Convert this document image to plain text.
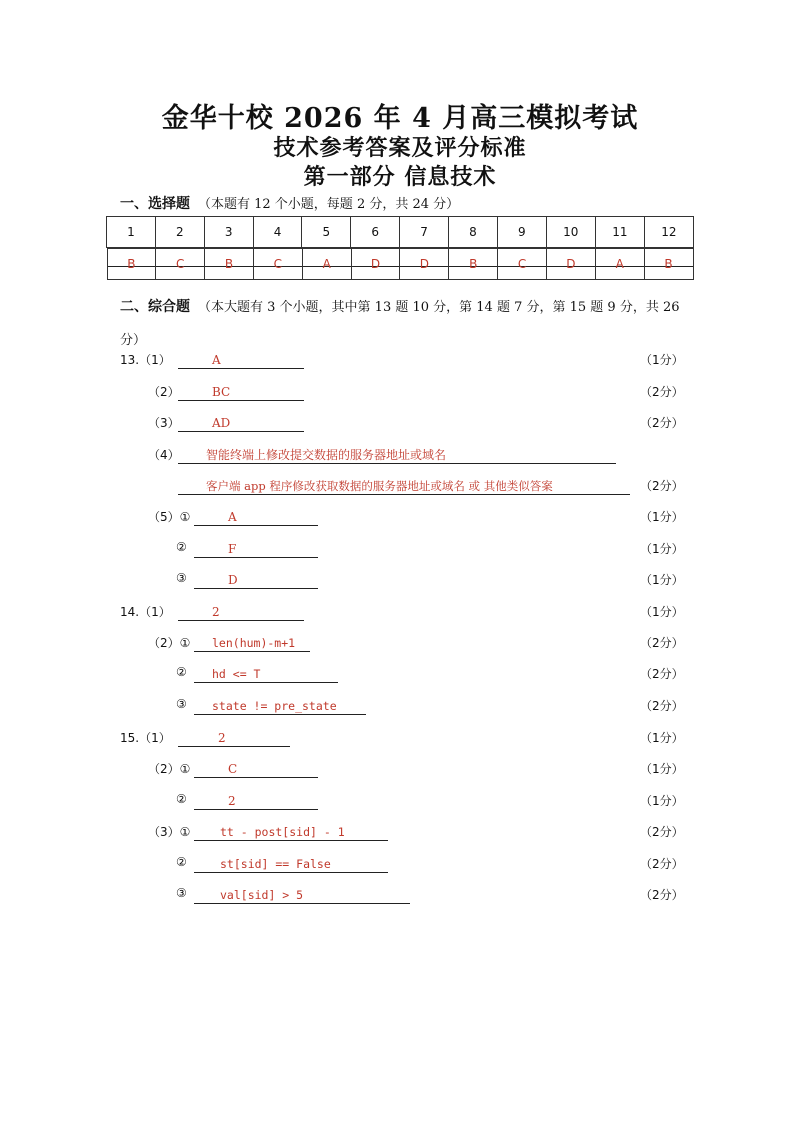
金华十校 2026 年 4 月高三模拟考试
技术参考答案及评分标准
第一部分 信息技术
一、选择题 （本题有 12 个小题，每题 2 分，共 24 分）
1	2	3	4	5	6	7	8	9	10	11	12

B	C	B	C	A	D	D	B	C	D	A	B
二、综合题 （本大题有 3 个小题，其中第 13 题 10 分，第 14 题 7 分，第 15 题 9 分，共 26 分）
13.（1）	A	（1分）
（2）	BC	（2分）
（3）	AD	（2分）
（4）	智能终端上修改提交数据的服务器地址或域名
客户端 app 程序修改获取数据的服务器地址或域名 或 其他类似答案	（2分）
（5）①	A	（1分）
②	F	（1分）
③	D	（1分）
14.（1）	2	（1分）
（2）①	len(hum)-m+1	（2分）
②	hd <= T	（2分）
③	state != pre_state	（2分）
15.（1）	2	（1分）
（2）①	C	（1分）
②	2	（1分）
（3）①	tt - post[sid] - 1	（2分）
②	st[sid] == False	（2分）
③	val[sid] > 5	（2分）
